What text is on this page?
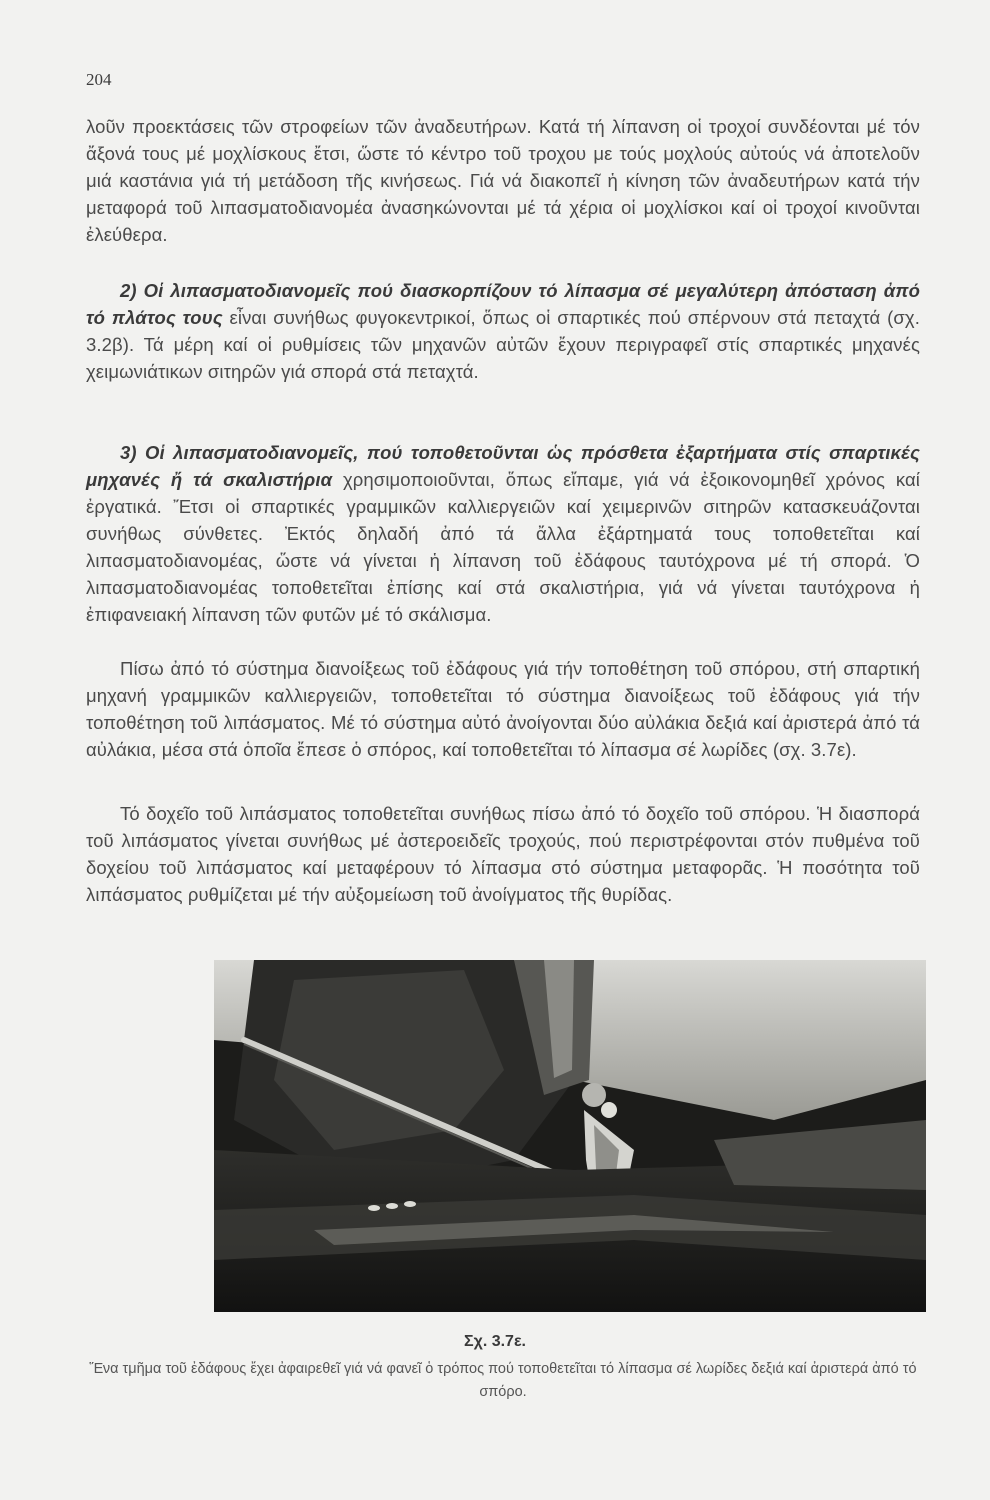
204

λοῦν προεκτάσεις τῶν στροφείων τῶν ἀναδευτήρων. Κατά τή λίπανση οἱ τροχοί συνδέονται μέ τόν ἄξονά τους μέ μοχλίσκους ἔτσι, ὥστε τό κέντρο τοῦ τροχου με τούς μοχλούς αὐτούς νά ἀποτελοῦν μιά καστάνια γιά τή μετάδοση τῆς κινήσεως. Γιά νά διακοπεῖ ἡ κίνηση τῶν ἀναδευτήρων κατά τήν μεταφορά τοῦ λιπασματοδιανομέα ἀνασηκώνονται μέ τά χέρια οἱ μοχλίσκοι καί οἱ τροχοί κινοῦνται ἐλεύθερα.

2) Οἱ λιπασματοδιανομεῖς πού διασκορπίζουν τό λίπασμα σέ μεγαλύτερη ἀπόσταση ἀπό τό πλάτος τους εἶναι συνήθως φυγοκεντρικοί, ὅπως οἱ σπαρτικές πού σπέρνουν στά πεταχτά (σχ. 3.2β). Τά μέρη καί οἱ ρυθμίσεις τῶν μηχανῶν αὐτῶν ἔχουν περιγραφεῖ στίς σπαρτικές μηχανές χειμωνιάτικων σιτηρῶν γιά σπορά στά πεταχτά.

3) Οἱ λιπασματοδιανομεῖς, πού τοποθετοῦνται ὡς πρόσθετα ἐξαρτήματα στίς σπαρτικές μηχανές ἤ τά σκαλιστήρια χρησιμοποιοῦνται, ὅπως εἴπαμε, γιά νά ἐξοικονομηθεῖ χρόνος καί ἐργατικά. Ἔτσι οἱ σπαρτικές γραμμικῶν καλλιεργειῶν καί χειμερινῶν σιτηρῶν κατασκευάζονται συνήθως σύνθετες. Ἐκτός δηλαδή ἀπό τά ἄλλα ἐξάρτηματά τους τοποθετεῖται καί λιπασματοδιανομέας, ὥστε νά γίνεται ἡ λίπανση τοῦ ἐδάφους ταυτόχρονα μέ τή σπορά. Ὁ λιπασματοδιανομέας τοποθετεῖται ἐπίσης καί στά σκαλιστήρια, γιά νά γίνεται ταυτόχρονα ἡ ἐπιφανειακή λίπανση τῶν φυτῶν μέ τό σκάλισμα.

Πίσω ἀπό τό σύστημα διανοίξεως τοῦ ἐδάφους γιά τήν τοποθέτηση τοῦ σπόρου, στή σπαρτική μηχανή γραμμικῶν καλλιεργειῶν, τοποθετεῖται τό σύστημα διανοίξεως τοῦ ἐδάφους γιά τήν τοποθέτηση τοῦ λιπάσματος. Μέ τό σύστημα αὐτό ἀνοίγονται δύο αὐλάκια δεξιά καί ἀριστερά ἀπό τά αὐλάκια, μέσα στά ὁποῖα ἔπεσε ὁ σπόρος, καί τοποθετεῖται τό λίπασμα σέ λωρίδες (σχ. 3.7ε).

Τό δοχεῖο τοῦ λιπάσματος τοποθετεῖται συνήθως πίσω ἀπό τό δοχεῖο τοῦ σπόρου. Ἡ διασπορά τοῦ λιπάσματος γίνεται συνήθως μέ ἀστεροειδεῖς τροχούς, πού περιστρέφονται στόν πυθμένα τοῦ δοχείου τοῦ λιπάσματος καί μεταφέρουν τό λίπασμα στό σύστημα μεταφορᾶς. Ἡ ποσότητα τοῦ λιπάσματος ρυθμίζεται μέ τήν αὐξομείωση τοῦ ἀνοίγματος τῆς θυρίδας.

Σχ. 3.7ε.
Ἕνα τμῆμα τοῦ ἐδάφους ἔχει ἀφαιρεθεῖ γιά νά φανεῖ ὁ τρόπος πού τοποθετεῖται τό λίπασμα σέ λωρίδες δεξιά καί ἀριστερά ἀπό τό σπόρο.
